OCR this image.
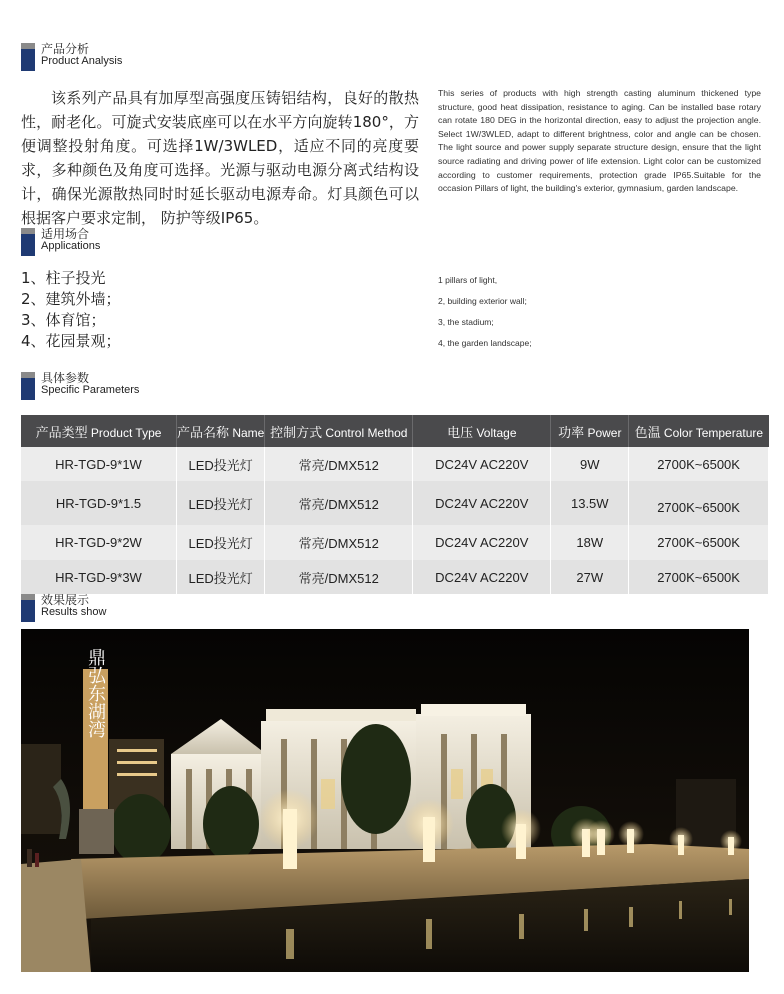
产品分析
Product Analysis
该系列产品具有加厚型高强度压铸铝结构，良好的散热性，耐老化。可旋式安装底座可以在水平方向旋转180°，方便调整投射角度。可选择1W/3WLED，适应不同的亮度要求，多种颜色及角度可选择。光源与驱动电源分离式结构设计，确保光源散热同时时延长驱动电源寿命。灯具颜色可以根据客户要求定制， 防护等级IP65。
This series of products with high strength casting aluminum thickened type structure, good heat dissipation, resistance to aging. Can be installed base rotary can rotate 180 DEG in the horizontal direction, easy to adjust the projection angle. Select 1W/3WLED, adapt to different brightness, color and angle can be chosen. The light source and power supply separate structure design, ensure that the light source radiating and driving power of life extension. Light color can be customized according to customer requirements, protection grade IP65.Suitable for the occasion Pillars of light, the building's exterior, gymnasium, garden landscape.
适用场合
Applications
1、柱子投光
2、建筑外墙；
3、体育馆；
4、花园景观；
1 pillars of light,
2, building exterior wall;
3, the stadium;
4, the garden landscape;
具体参数
Specific Parameters
产品类型 Product Type	产品名称 Name	控制方式 Control Method	电压 Voltage	功率 Power	色温 Color Temperature
HR-TGD-9*1W	LED投光灯	常亮/DMX512	DC24V AC220V	9W	2700K~6500K
HR-TGD-9*1.5	LED投光灯	常亮/DMX512	DC24V AC220V	13.5W	2700K~6500K
HR-TGD-9*2W	LED投光灯	常亮/DMX512	DC24V AC220V	18W	2700K~6500K
HR-TGD-9*3W	LED投光灯	常亮/DMX512	DC24V AC220V	27W	2700K~6500K
效果展示
Results show
鼎弘东湖湾
